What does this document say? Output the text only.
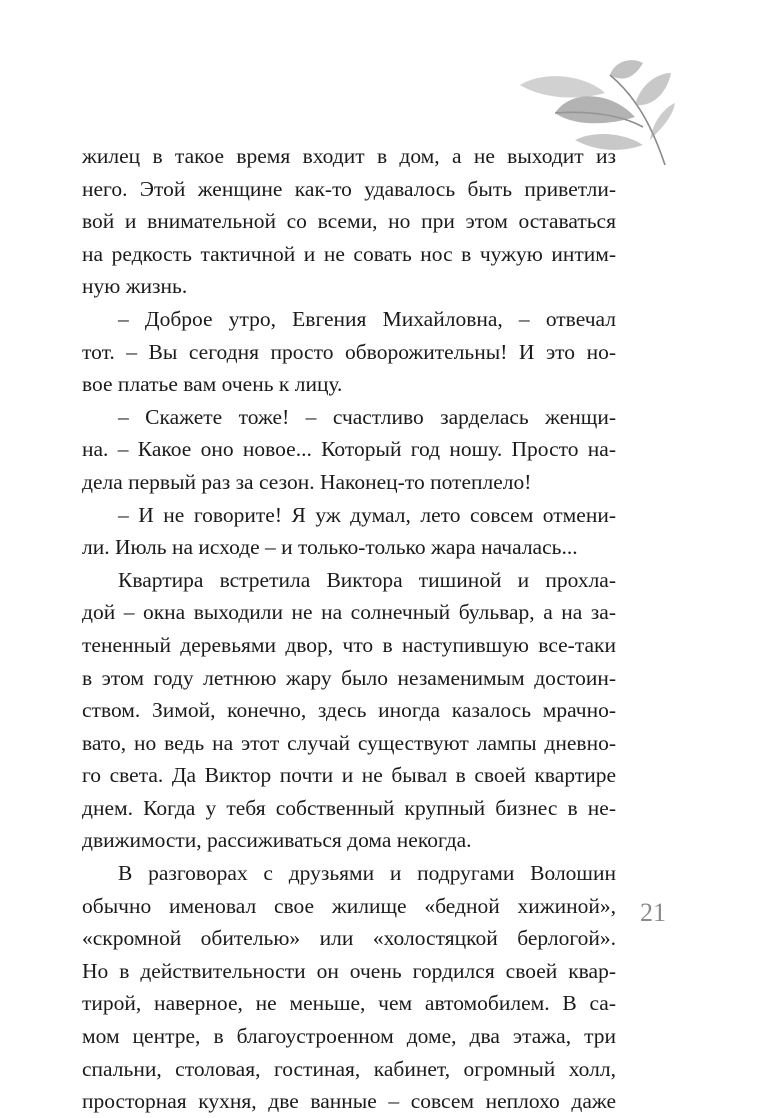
жилец в такое время входит в дом, а не выходит из
него. Этой женщине как-то удавалось быть приветли-
вой и внимательной со всеми, но при этом оставаться
на редкость тактичной и не совать нос в чужую интим-
ную жизнь.
– Доброе утро, Евгения Михайловна, – отвечал
тот. – Вы сегодня просто обворожительны! И это но-
вое платье вам очень к лицу.
– Скажете тоже! – счастливо зарделась женщи-
на. – Какое оно новое... Который год ношу. Просто на-
дела первый раз за сезон. Наконец-то потеплело!
– И не говорите! Я уж думал, лето совсем отмени-
ли. Июль на исходе – и только-только жара началась...
Квартира встретила Виктора тишиной и прохла-
дой – окна выходили не на солнечный бульвар, а на за-
тененный деревьями двор, что в наступившую все-таки
в этом году летнюю жару было незаменимым достоин-
ством. Зимой, конечно, здесь иногда казалось мрачно-
вато, но ведь на этот случай существуют лампы дневно-
го света. Да Виктор почти и не бывал в своей квартире
днем. Когда у тебя собственный крупный бизнес в не-
движимости, рассиживаться дома некогда.
В разговорах с друзьями и подругами Волошин
обычно именовал свое жилище «бедной хижиной»,
«скромной обителью» или «холостяцкой берлогой».
Но в действительности он очень гордился своей квар-
тирой, наверное, не меньше, чем автомобилем. В са-
мом центре, в благоустроенном доме, два этажа, три
спальни, столовая, гостиная, кабинет, огромный холл,
просторная кухня, две ванные – совсем неплохо даже
21
